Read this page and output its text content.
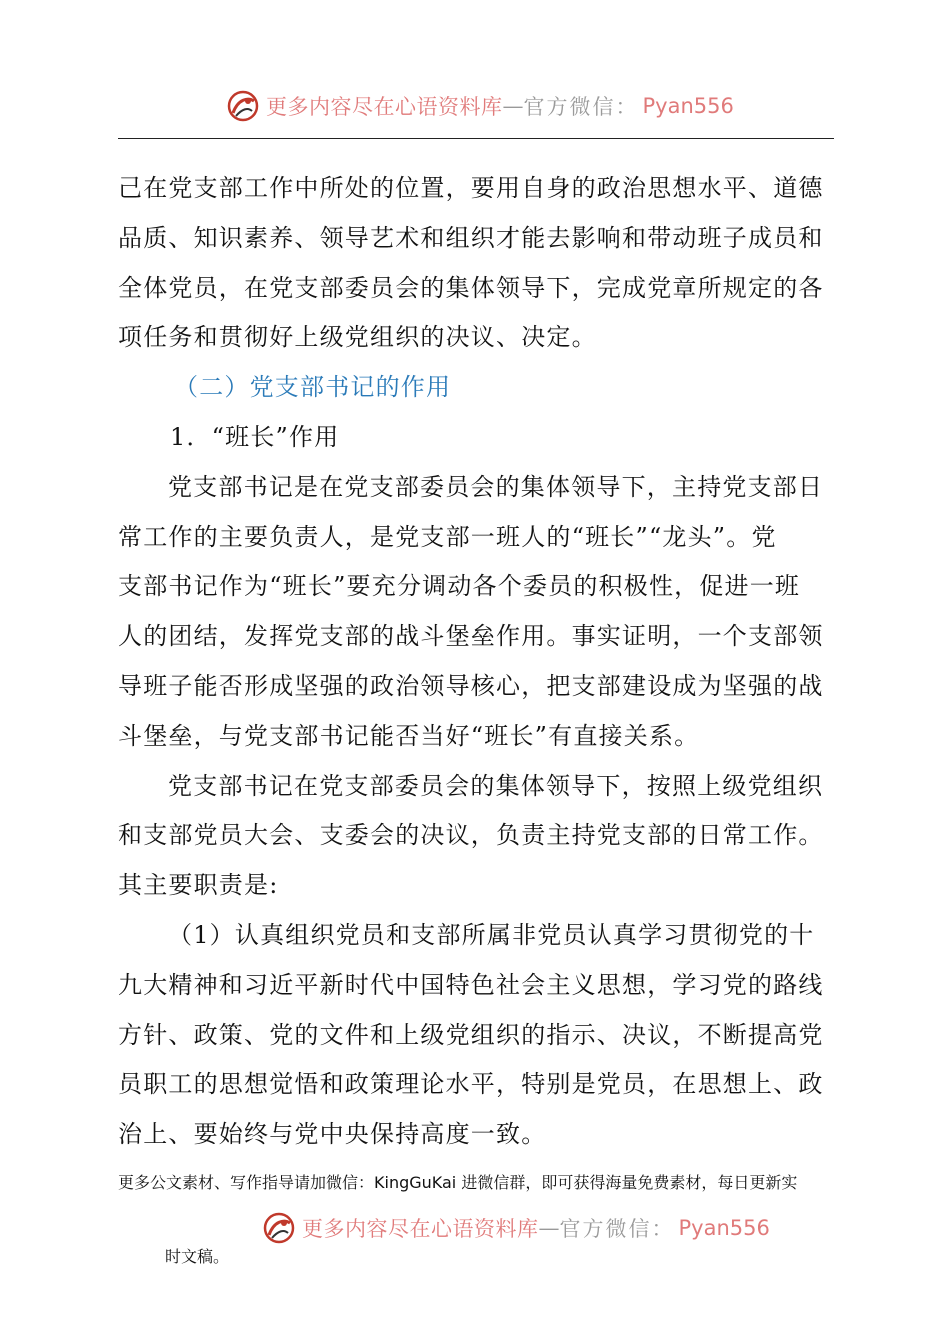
更多内容尽在心语资料库 — 官方微信： Pyan556
己在党支部工作中所处的位置，要用自身的政治思想水平、道德
品质、知识素养、领导艺术和组织才能去影响和带动班子成员和
全体党员，在党支部委员会的集体领导下，完成党章所规定的各
项任务和贯彻好上级党组织的决议、决定。
（二）党支部书记的作用
1．“班长”作用
党支部书记是在党支部委员会的集体领导下，主持党支部日
常工作的主要负责人，是党支部一班人的“班长”“龙头”。党
支部书记作为“班长”要充分调动各个委员的积极性，促进一班
人的团结，发挥党支部的战斗堡垒作用。事实证明，一个支部领
导班子能否形成坚强的政治领导核心，把支部建设成为坚强的战
斗堡垒，与党支部书记能否当好“班长”有直接关系。
党支部书记在党支部委员会的集体领导下，按照上级党组织
和支部党员大会、支委会的决议，负责主持党支部的日常工作。
其主要职责是:
（1）认真组织党员和支部所属非党员认真学习贯彻党的十
九大精神和习近平新时代中国特色社会主义思想，学习党的路线
方针、政策、党的文件和上级党组织的指示、决议，不断提高党
员职工的思想觉悟和政策理论水平，特别是党员，在思想上、政
治上、要始终与党中央保持高度一致。
更多公文素材、写作指导请加微信：KingGuKai 进微信群，即可获得海量免费素材，每日更新实
更多内容尽在心语资料库 — 官方微信： Pyan556
时文稿。
